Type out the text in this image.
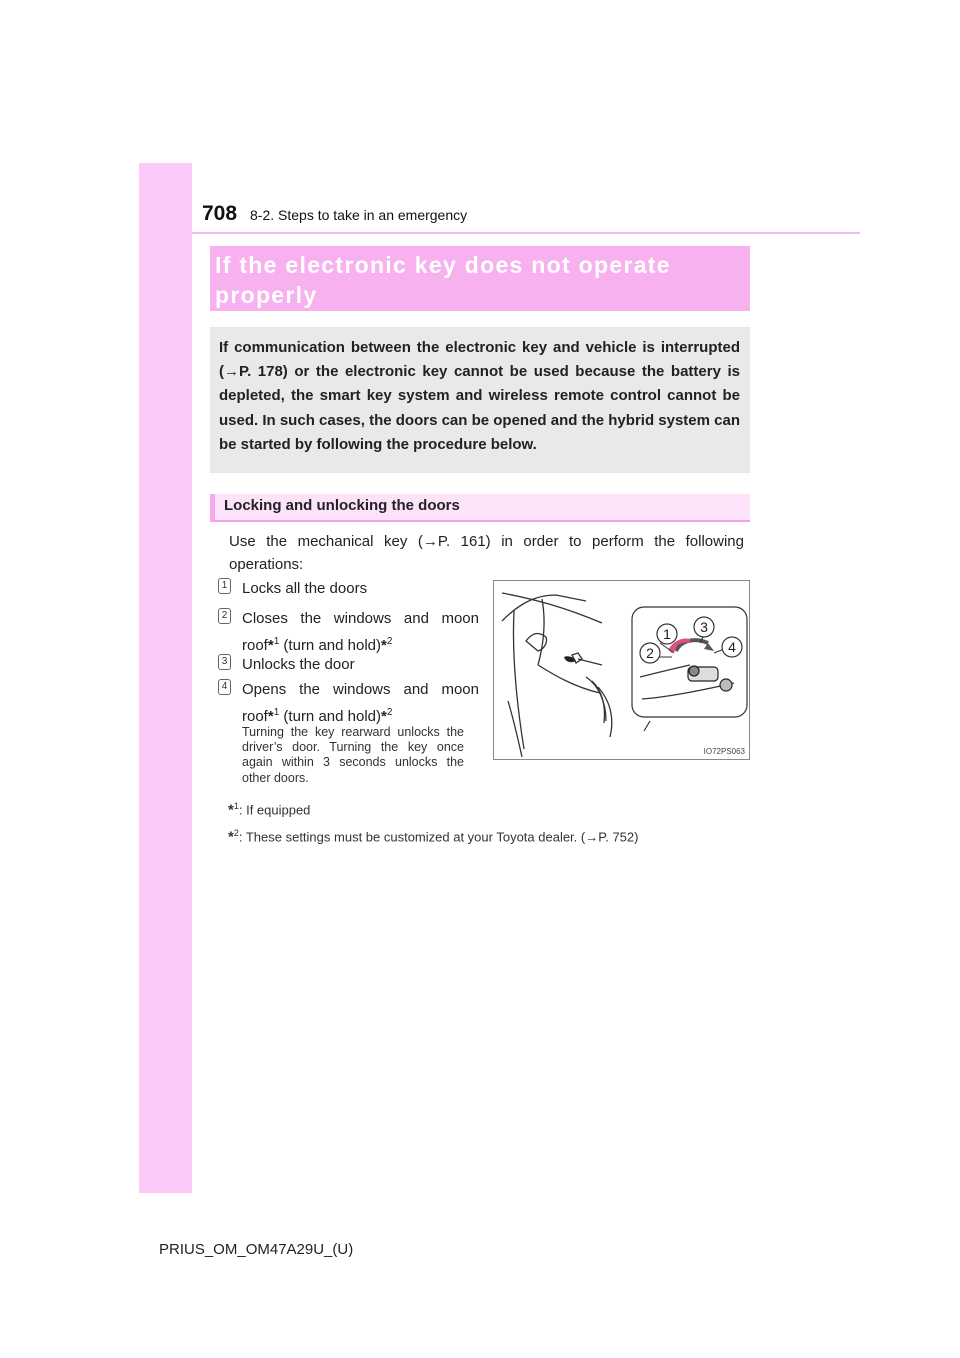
708 8-2. Steps to take in an emergency
If the electronic key does not operate properly

If communication between the electronic key and vehicle is interrupted (→P. 178) or the electronic key cannot be used because the battery is depleted, the smart key system and wireless remote control cannot be used. In such cases, the doors can be opened and the hybrid system can be started by following the procedure below.

Locking and unlocking the doors

Use the mechanical key (→P. 161) in order to perform the following operations:

1 Locks all the doors
2 Closes the windows and moon roof*$^1$ (turn and hold)*$^2$
3 Unlocks the door
4 Opens the windows and moon roof*$^1$ (turn and hold)*$^2$

Turning the key rearward unlocks the driver’s door. Turning the key once again within 3 seconds unlocks the other doors.

*$^1$: If equipped
*$^2$: These settings must be customized at your Toyota dealer. (→P. 752)
1
2
3
4
IO72PS063
PRIUS_OM_OM47A29U_(U)
